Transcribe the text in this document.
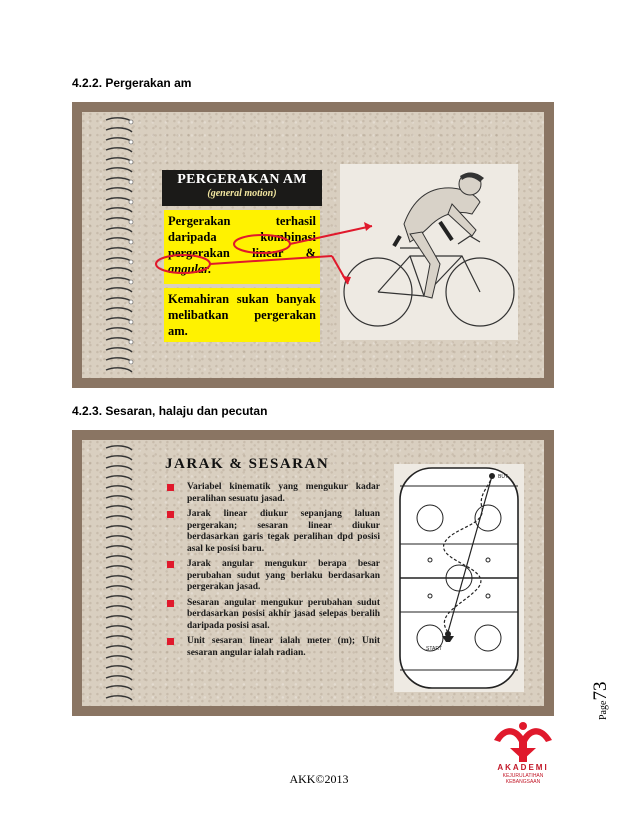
4.2.2. Pergerakan am
PERGERAKAN AM
(general motion)
Pergerakan terhasil daripada kombinasi pergerakan linear & angular.
Kemahiran sukan banyak melibatkan pergerakan am.
4.2.3. Sesaran, halaju dan pecutan
JARAK & SESARAN
Variabel kinematik yang mengukur kadar peralihan sesuatu jasad.
Jarak linear diukur sepanjang laluan pergerakan; sesaran linear diukur berdasarkan garis tegak peralihan dpd posisi asal ke posisi baru.
Jarak angular mengukur berapa besar perubahan sudut yang berlaku berdasarkan pergerakan jasad.
Sesaran angular mengukur perubahan sudut berdasarkan posisi akhir jasad selepas beralih daripada posisi asal.
Unit sesaran linear ialah meter (m); Unit sesaran angular ialah radian.
BUT
START
Page73
AKADEMI
KEJURULATIHAN
KEBANGSAAN
AKK©2013
